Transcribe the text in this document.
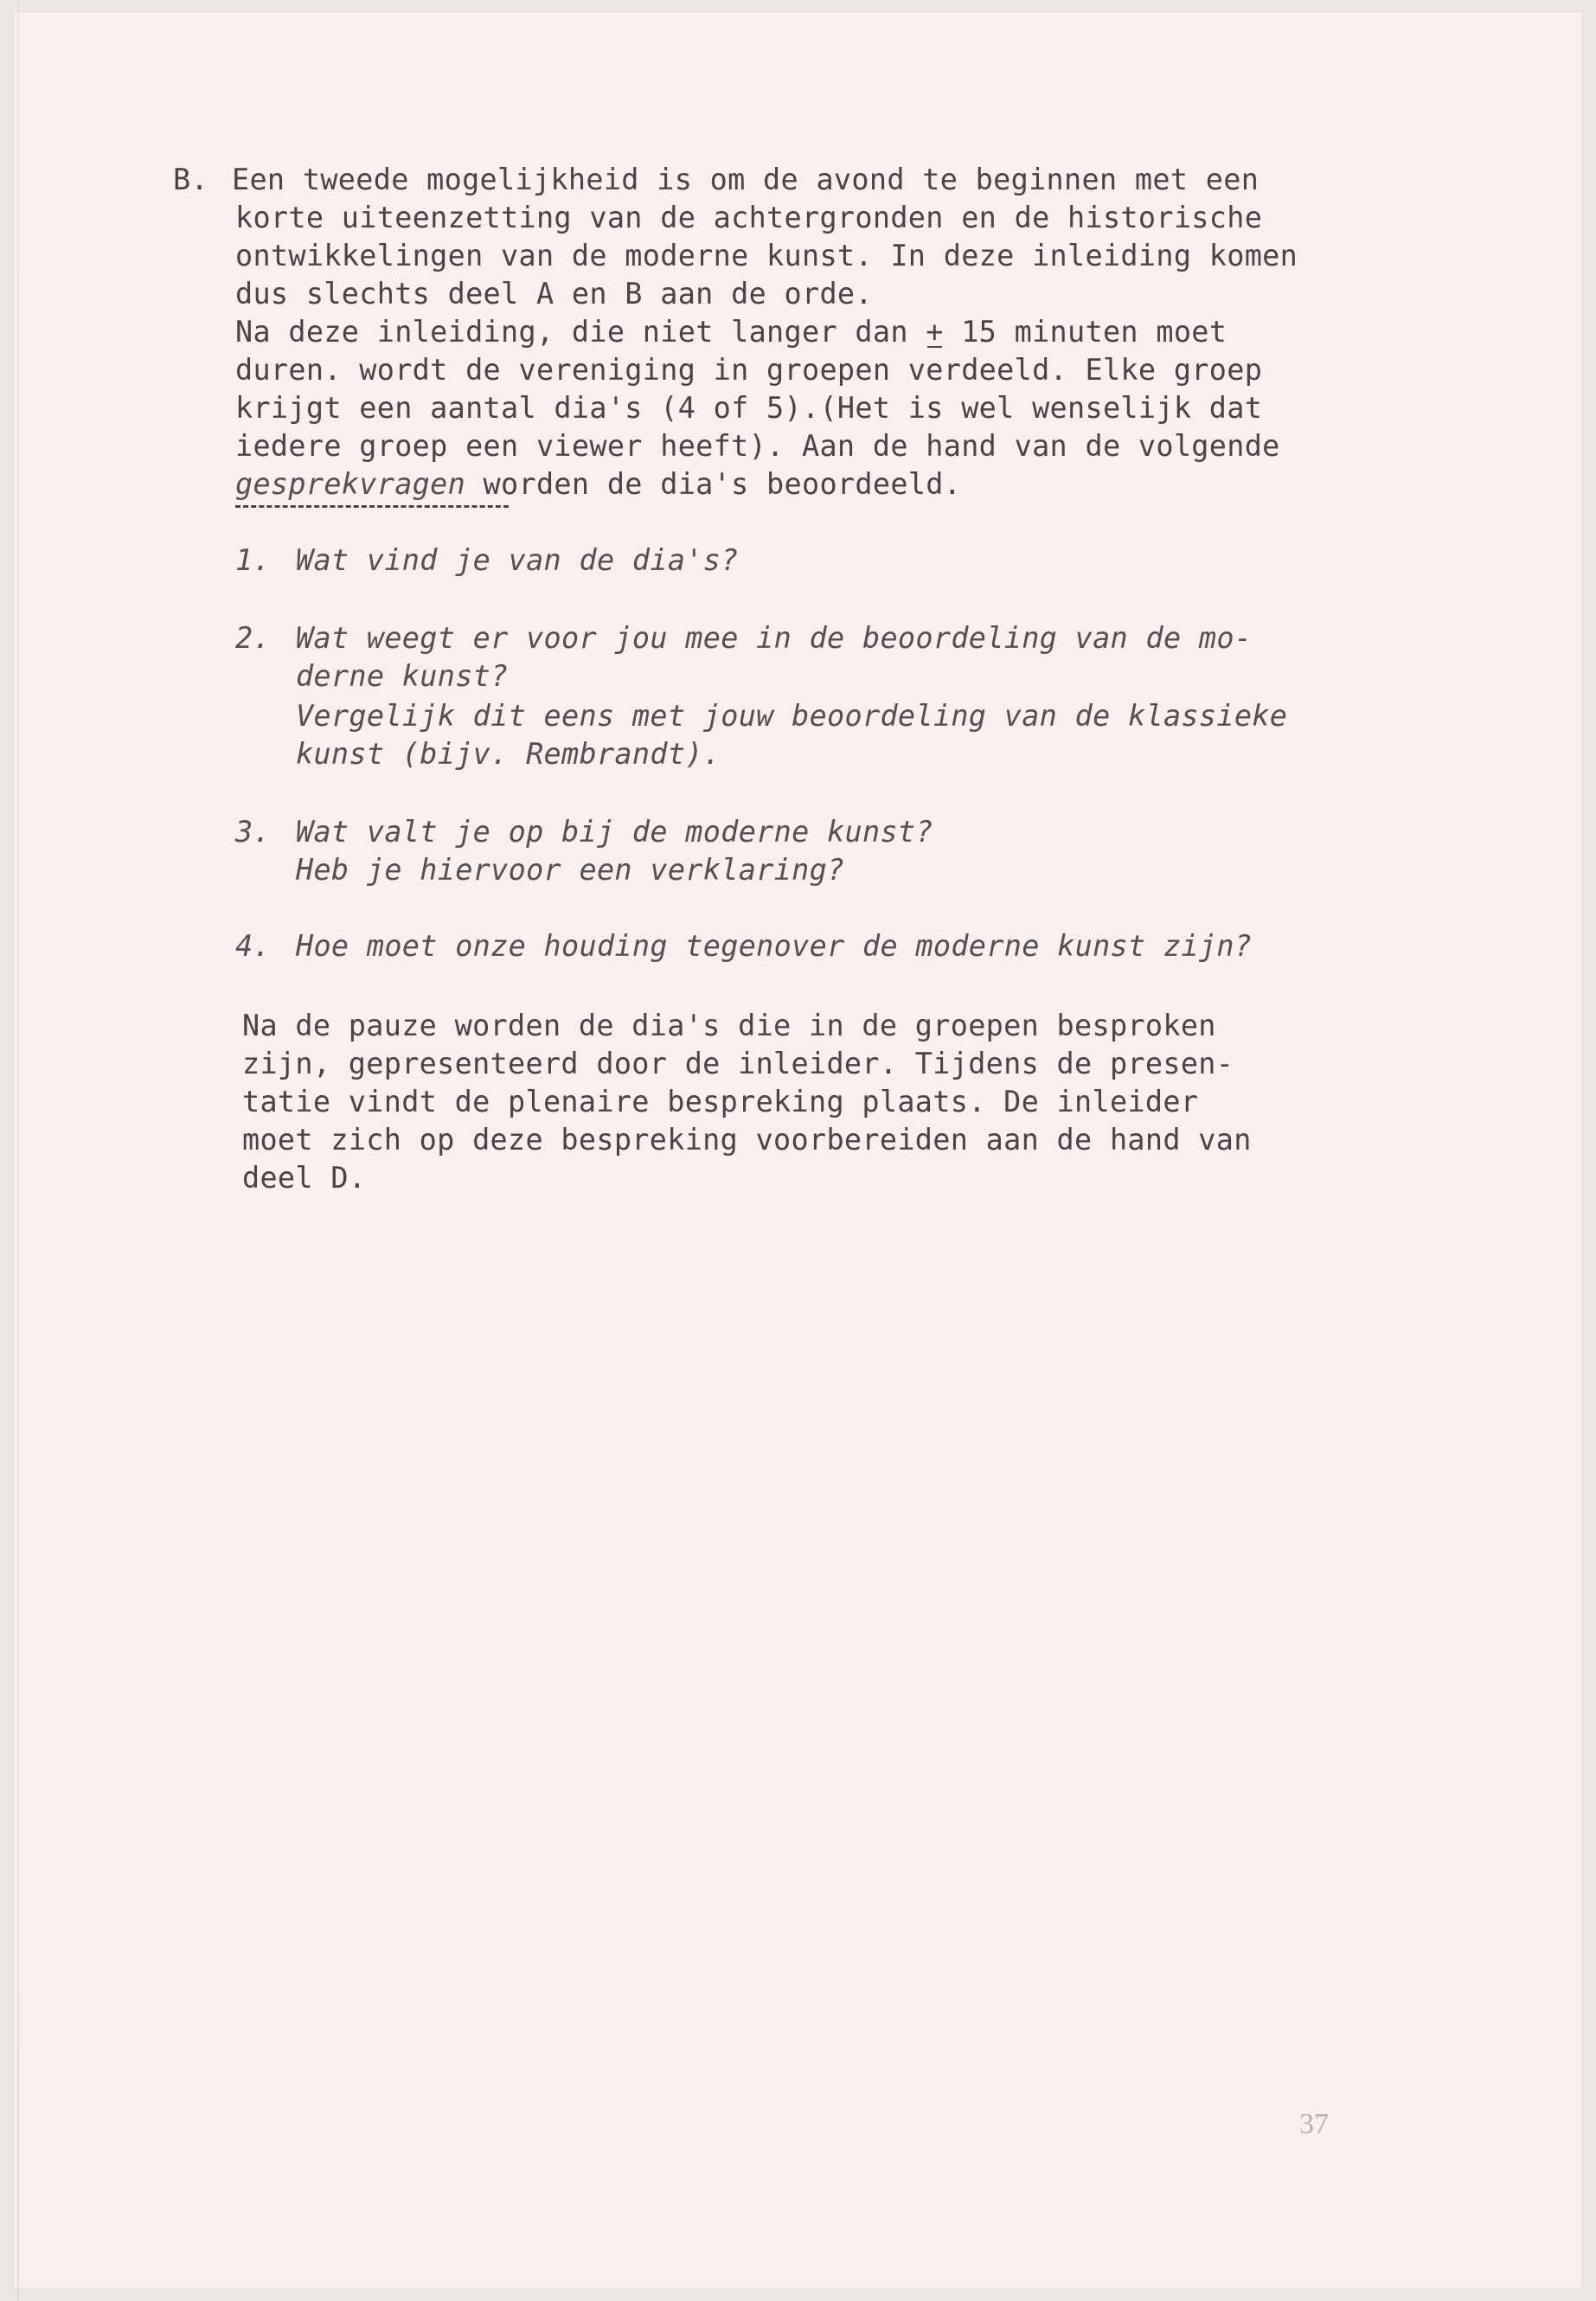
B. Een tweede mogelijkheid is om de avond te beginnen met een
korte uiteenzetting van de achtergronden en de historische
ontwikkelingen van de moderne kunst. In deze inleiding komen
dus slechts deel A en B aan de orde.
Na deze inleiding, die niet langer dan + 15 minuten moet
duren. wordt de vereniging in groepen verdeeld. Elke groep
krijgt een aantal dia's (4 of 5).(Het is wel wenselijk dat
iedere groep een viewer heeft). Aan de hand van de volgende
gesprekvragen worden de dia's beoordeeld.
1. Wat vind je van de dia's?
2. Wat weegt er voor jou mee in de beoordeling van de mo-
derne kunst?
Vergelijk dit eens met jouw beoordeling van de klassieke
kunst (bijv. Rembrandt).
3. Wat valt je op bij de moderne kunst?
Heb je hiervoor een verklaring?
4. Hoe moet onze houding tegenover de moderne kunst zijn?
Na de pauze worden de dia's die in de groepen besproken
zijn, gepresenteerd door de inleider. Tijdens de presen-
tatie vindt de plenaire bespreking plaats. De inleider
moet zich op deze bespreking voorbereiden aan de hand van
deel D.
37
